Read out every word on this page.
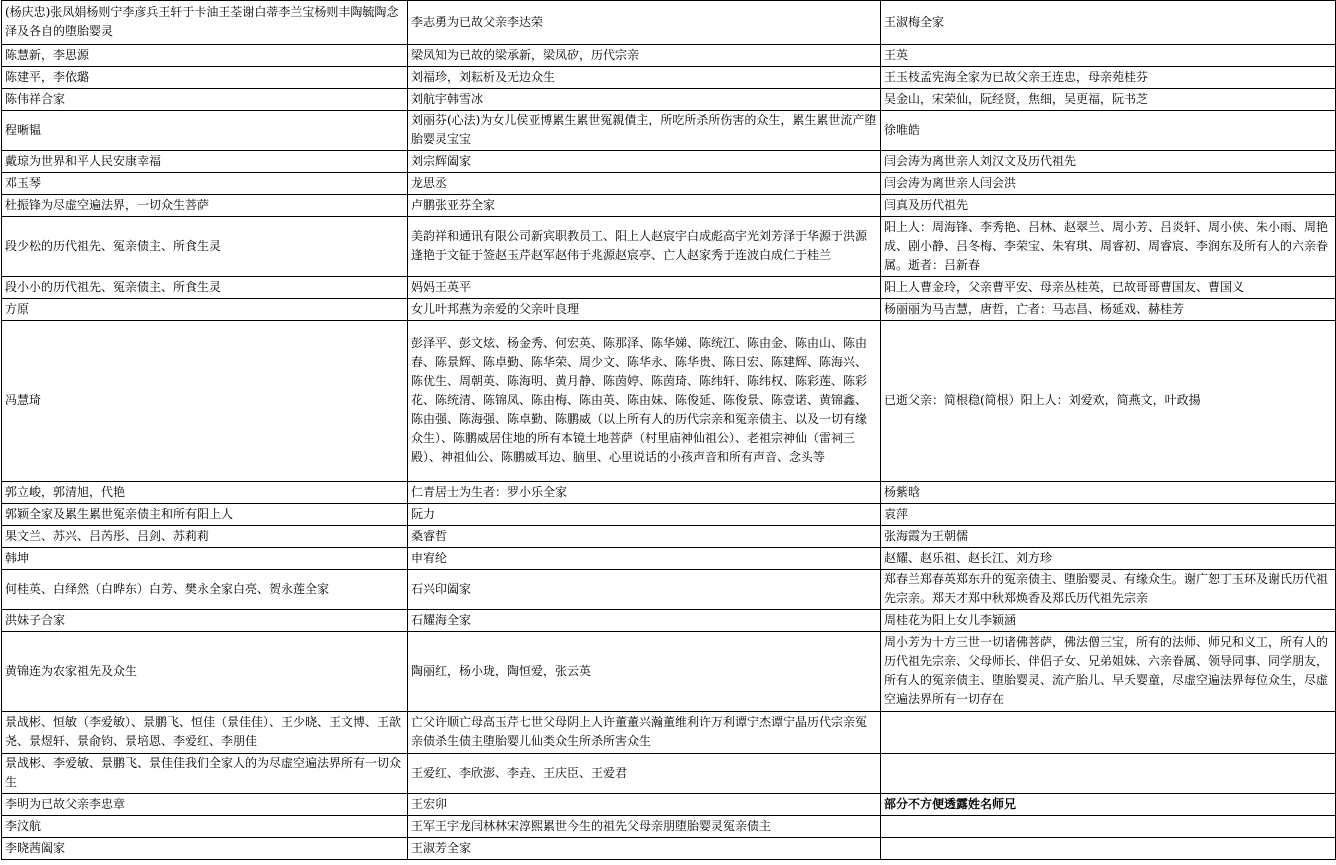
(杨庆忠)张凤娟杨则宁李彦兵王轩于卡油王荃谢白蒂李兰宝杨则丰陶毓陶念泽及各自的堕胎婴灵	李志勇为已故父亲李达荣	王淑梅全家
陈慧新，李思源	梁凤知为已故的梁承新，梁凤矽，历代宗亲	王英
陈建平，李依璐	刘福珍，刘耘析及无边众生	王玉枝孟宪海全家为已故父亲王连忠，母亲苑桂芬
陈伟祥合家	刘航宇韩雪冰	吴金山，宋荣仙，阮经贤，焦细，吴更福，阮书芝
程晰韫	刘丽芬(心法)为女儿侯亚博累生累世冤親債主，所吃所杀所伤害的众生，累生累世流产堕胎婴灵宝宝	徐唯皓
戴琼为世界和平人民安康幸福	刘宗辉阖家	闫会涛为离世亲人刘汉文及历代祖先
邓玉琴	龙思丞	闫会涛为离世亲人闫会洪
杜振锋为尽虚空遍法界，一切众生菩萨	卢鹏张亚芬全家	闫真及历代祖先
段少松的历代祖先、冤亲债主、所食生灵	美韵祥和通讯有限公司新宾职教员工、阳上人赵宸宇白成彪高宇光刘芳泽于华源于洪源逢艳于文钲于签赵玉芹赵军赵伟于兆源赵宸亭、亡人赵家秀于连波白成仁于桂兰	阳上人：周海锋、李秀艳、吕林、赵翠兰、周小芳、吕炎轩、周小侠、朱小雨、周艳成、剧小静、吕冬梅、李荣宝、朱宥琪、周睿初、周睿宸、李润东及所有人的六亲眷属。逝者：吕新春
段小小的历代祖先、冤亲债主、所食生灵	妈妈王英平	阳上人曹金玲，父亲曹平安、母亲丛桂英，已故哥哥曹国友、曹国义
方原	女儿叶邦燕为亲爱的父亲叶良理	杨丽丽为马吉慧，唐哲，亡者：马志昌、杨延戏、赫桂芳
冯慧琦	彭泽平、彭文炫、杨金秀、何宏英、陈那泽、陈华娣、陈统江、陈由金、陈由山、陈由春、陈景辉、陈卓勤、陈华荣、周少文、陈华永、陈华贵、陈日宏、陈建辉、陈海兴、陈优生、周朝英、陈海明、黄月静、陈茵婷、陈茵琦、陈纬轩、陈纬权、陈彩莲、陈彩花、陈统清、陈锦凤、陈由梅、陈由英、陈由妹、陈俊延、陈俊景、陈壹诺、黄锦鑫、陈由强、陈海强、陈卓勤、陈鹏威（以上所有人的历代宗亲和冤亲债主、以及一切有缘众生）、陈鹏威居住地的所有本镜土地菩萨（村里庙神仙祖公）、老祖宗神仙（雷祠三殿）、神祖仙公、陈鹏威耳边、脑里、心里说话的小孩声音和所有声音、念头等	已逝父亲：简根稳(简根）阳上人：刘爱欢，简燕文，叶政揚
郭立峻，郭清旭，代艳	仁青居士为生者：罗小乐全家	杨紫晗
郭颖全家及累生累世冤亲债主和所有阳上人	阮力	袁萍
果文兰、苏兴、吕芮彤、吕剑、苏莉莉	桑睿哲	张海霞为王朝儒
韩坤	申宥纶	赵耀、赵乐祖、赵长江、刘方珍
何桂英、白绎然（白晔东）白芳、樊永全家白亮、贺永莲全家	石兴印阖家	郑春兰郑春英郑东升的冤亲债主、堕胎婴灵、有缘众生。谢广恕丁玉环及谢氏历代祖先宗亲。郑天才郑中秋郑焕香及郑氏历代祖先宗亲
洪妹子合家	石耀海全家	周桂花为阳上女儿李颖涵
黄锦连为农家祖先及众生	陶丽红，杨小珑，陶恒爱，张云英	周小芳为十方三世一切诸佛菩萨，佛法僧三宝，所有的法师、师兄和义工，所有人的历代祖先宗亲、父母师长、伴侣子女、兄弟姐妹、六亲眷属、领导同事、同学朋友，所有人的冤亲债主、堕胎婴灵、流产胎儿、早夭婴童，尽虚空遍法界每位众生，尽虚空遍法界所有一切存在
景战彬、恒敏（李爱敏）、景鹏飞、恒佳（景佳佳）、王少晓、王文博、王歆尧、景煜轩、景俞钧、景培恩、李爱红、李朋佳	亡父许顺亡母高玉芹七世父母阴上人许董董兴瀚董维利许万利谭宁杰谭宁晶历代宗亲冤亲债杀生债主堕胎婴儿仙类众生所杀所害众生	
景战彬、李爱敏、景鹏飞、景佳佳我们全家人的为尽虚空遍法界所有一切众生	王爱红、李欣澎、李垚、王庆臣、王爱君	
李明为已故父亲李忠章	王宏卯	部分不方便透露姓名师兄
李汶航	王军王宇龙闫林林宋淳熙累世今生的祖先父母亲朋堕胎婴灵冤亲债主	
李晓茜阖家	王淑芳全家	
